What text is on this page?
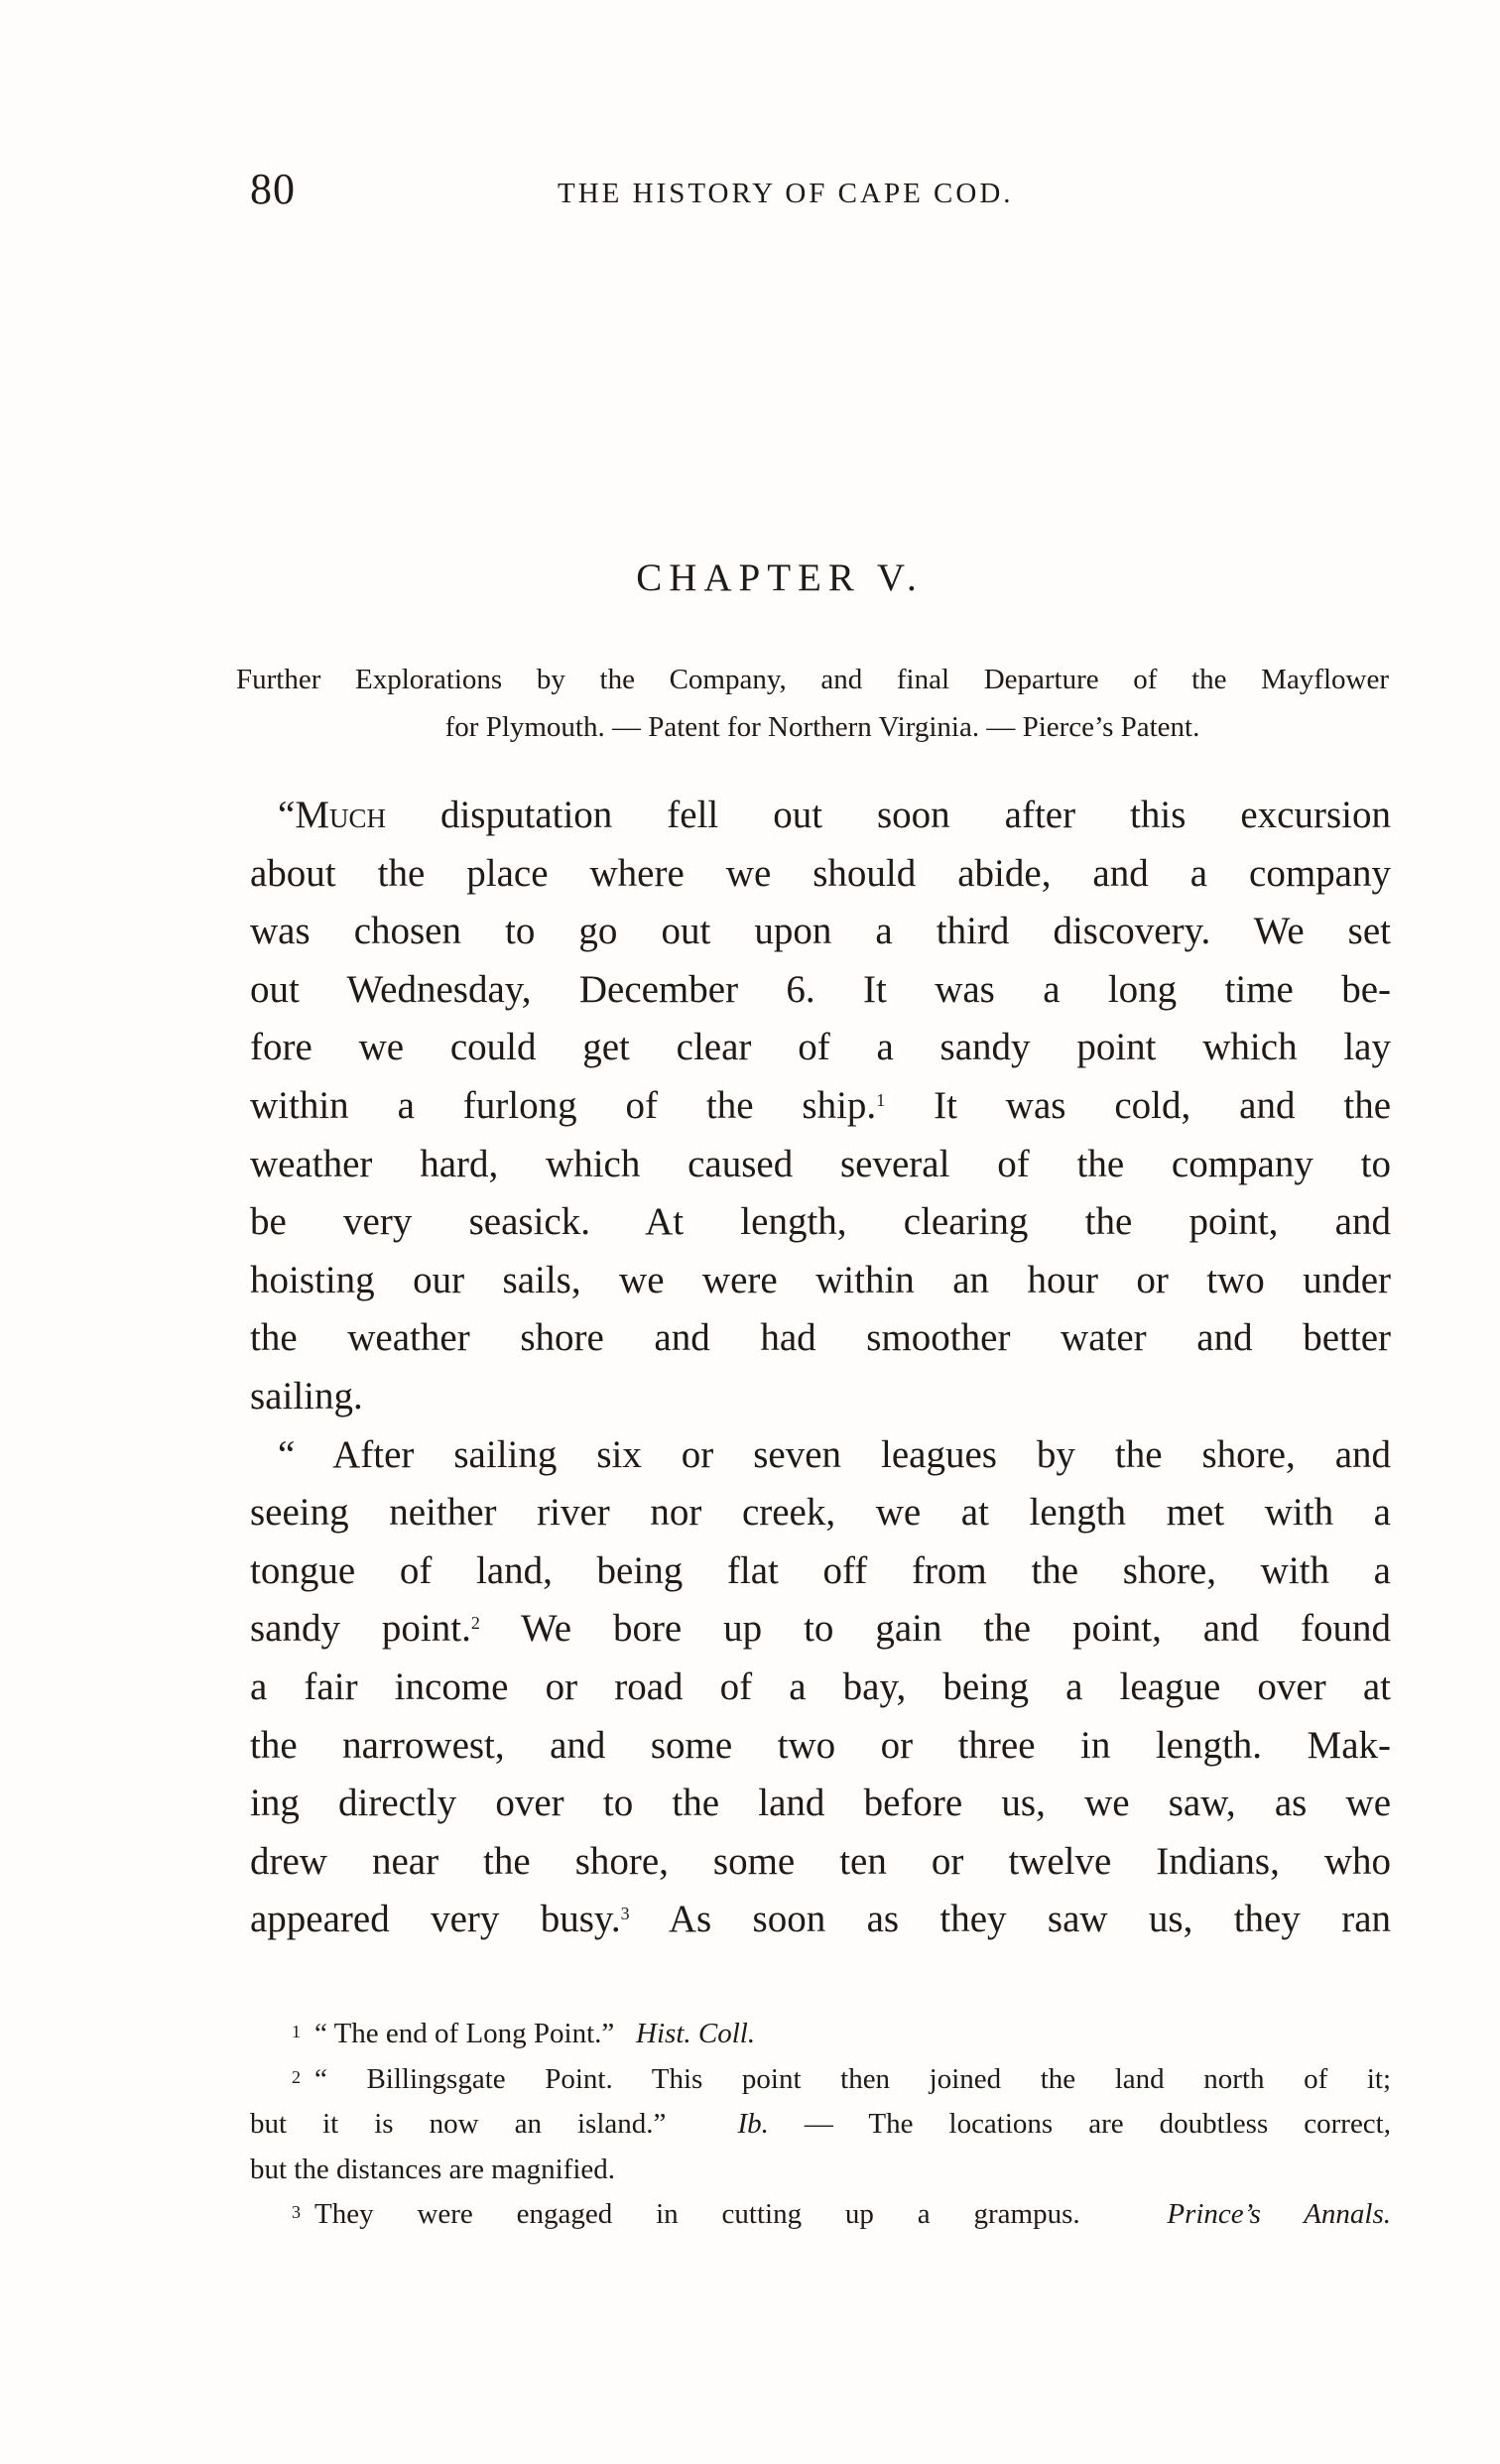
80	THE HISTORY OF CAPE COD.
CHAPTER V.
Further Explorations by the Company, and final Departure of the Mayflower
for Plymouth. — Patent for Northern Virginia. — Pierce’s Patent.

“Much disputation fell out soon after this excursion
about the place where we should abide, and a company
was chosen to go out upon a third discovery. We set
out Wednesday, December 6. It was a long time be-
fore we could get clear of a sandy point which lay
within a furlong of the ship.$^1$ It was cold, and the
weather hard, which caused several of the company to
be very seasick. At length, clearing the point, and
hoisting our sails, we were within an hour or two under
the weather shore and had smoother water and better
sailing.

“ After sailing six or seven leagues by the shore, and
seeing neither river nor creek, we at length met with a
tongue of land, being flat off from the shore, with a
sandy point.$^2$ We bore up to gain the point, and found
a fair income or road of a bay, being a league over at
the narrowest, and some two or three in length. Mak-
ing directly over to the land before us, we saw, as we
drew near the shore, some ten or twelve Indians, who
appeared very busy.$^3$ As soon as they saw us, they ran

$^1$ “ The end of Long Point.” Hist. Coll.
$^2$ “ Billingsgate Point. This point then joined the land north of it;
but it is now an island.” Ib. — The locations are doubtless correct,
but the distances are magnified.
$^3$ They were engaged in cutting up a grampus.	Prince’s Annals.
